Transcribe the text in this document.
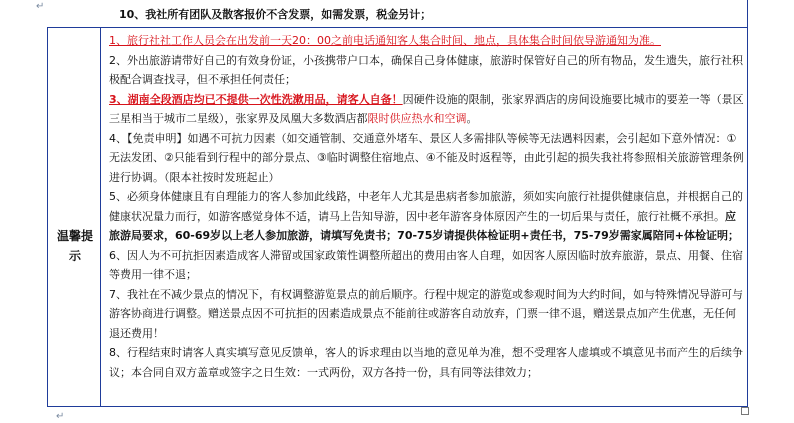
↵
↵
10、我社所有团队及散客报价不含发票，如需发票，税金另计；
温馨提
示

1、旅行社社工作人员会在出发前一天20：00之前电话通知客人集合时间、地点，具体集合时间依导游通知为准。

2、外出旅游请带好自己的有效身份证，小孩携带户口本，确保自己身体健康，旅游时保管好自己的所有物品，发生遗失，旅行社积极配合调查找寻，但不承担任何责任；

3、湖南全段酒店均已不提供一次性洗漱用品，请客人自备！因硬件设施的限制，张家界酒店的房间设施要比城市的要差一等（景区三星相当于城市二星级），张家界及凤凰大多数酒店都限时供应热水和空调。

4、【免责申明】如遇不可抗力因素（如交通管制、交通意外堵车、景区人多需排队等候等无法遇料因素，会引起如下意外情况：①无法发团、②只能看到行程中的部分景点、③临时调整住宿地点、④不能及时返程等，由此引起的损失我社将参照相关旅游管理条例进行协调。（限本社按时发班起止）

5、必须身体健康且有自理能力的客人参加此线路，中老年人尤其是患病者参加旅游，须如实向旅行社提供健康信息，并根据自己的健康状况量力而行，如游客感觉身体不适，请马上告知导游，因中老年游客身体原因产生的一切后果与责任，旅行社概不承担。应旅游局要求，60-69岁以上老人参加旅游，请填写免责书；70-75岁请提供体检证明+责任书，75-79岁需家属陪同+体检证明；

6、因人为不可抗拒因素造成客人滞留或国家政策性调整所超出的费用由客人自理，如因客人原因临时放弃旅游，景点、用餐、住宿等费用一律不退；

7、我社在不减少景点的情况下，有权调整游览景点的前后顺序。行程中规定的游览或参观时间为大约时间，如与特殊情况导游可与游客协商进行调整。赠送景点因不可抗拒的因素造成景点不能前往或游客自动放弃，门票一律不退，赠送景点加产生优惠，无任何退还费用！

8、行程结束时请客人真实填写意见反馈单，客人的诉求理由以当地的意见单为准，想不受理客人虚填或不填意见书而产生的后续争议；本合同自双方盖章或签字之日生效：一式两份，双方各持一份，具有同等法律效力；
